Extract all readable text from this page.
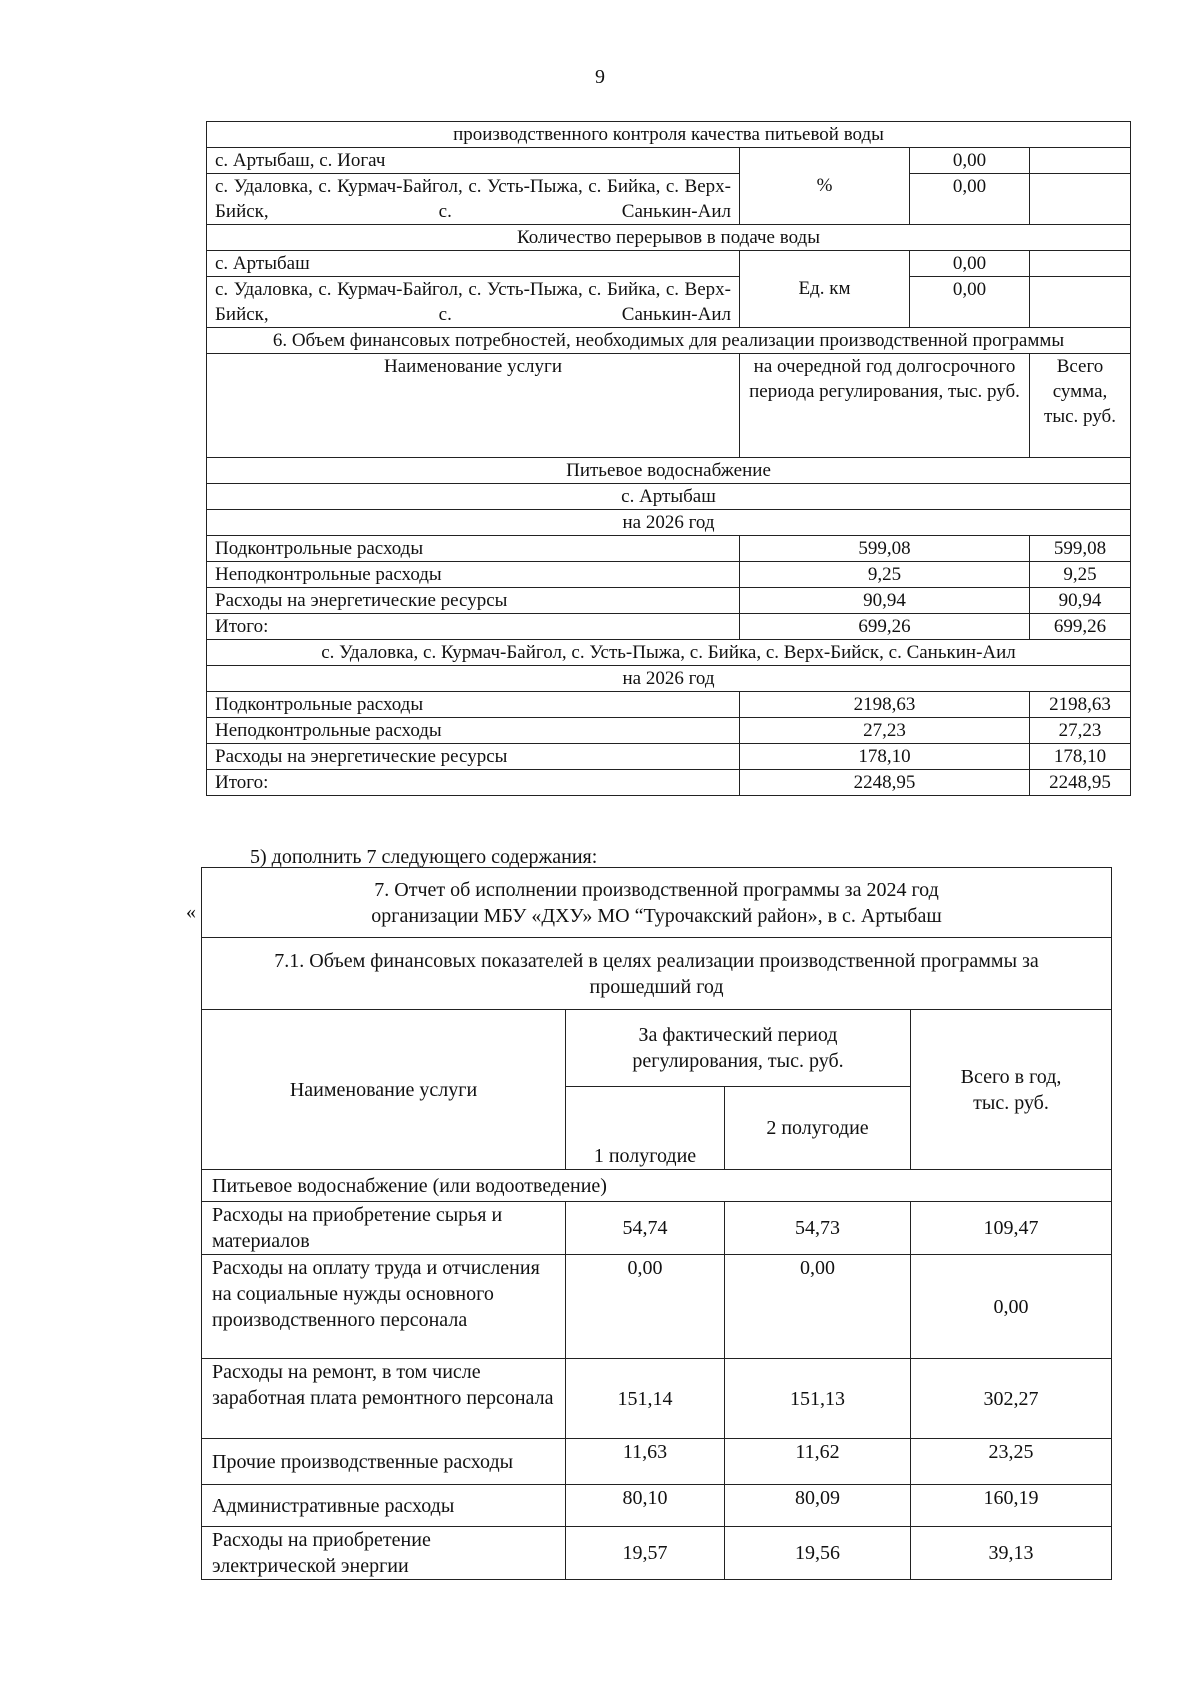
9
производственного контроля качества питьевой воды			
с. Артыбаш, с. Иогач	%	0,00	
с. Удаловка, с. Курмач-Байгол, с. Усть-Пыжа, с. Бийка, с. Верх-Бийск, с. Санькин-Аил		0,00	
Количество перерывов в подаче воды			
с. Артыбаш	Ед. км	0,00	
с. Удаловка, с. Курмач-Байгол, с. Усть-Пыжа, с. Бийка, с. Верх-Бийск, с. Санькин-Аил		0,00	
6. Объем финансовых потребностей, необходимых для реализации производственной программы			
Наименование услуги	на очередной год долгосрочного периода регулирования, тыс. руб.		Всего сумма, тыс. руб.
Питьевое водоснабжение			
с. Артыбаш			
на 2026 год			
Подконтрольные расходы	599,08		599,08
Неподконтрольные расходы	9,25		9,25
Расходы на энергетические ресурсы	90,94		90,94
Итого:	699,26		699,26
с. Удаловка, с. Курмач-Байгол, с. Усть-Пыжа, с. Бийка, с. Верх-Бийск, с. Санькин-Аил			
на 2026 год			
Подконтрольные расходы	2198,63		2198,63
Неподконтрольные расходы	27,23		27,23
Расходы на энергетические ресурсы	178,10		178,10
Итого:	2248,95		2248,95
5) дополнить 7 следующего содержания:
«
7. Отчет об исполнении производственной программы за 2024 год
организации МБУ «ДХУ» МО “Турочакский район», в с. Артыбаш			

7.1. Объем финансовых показателей в целях реализации производственной программы за прошедший год			
Наименование услуги	За фактический период регулирования, тыс. руб.		Всего в год, тыс. руб.
	1 полугодие	2 полугодие	
Питьевое водоснабжение (или водоотведение)			
Расходы на приобретение сырья и материалов	54,74	54,73	109,47
Расходы на оплату труда и отчисления на социальные нужды основного производственного персонала	0,00	0,00	0,00
Расходы на ремонт, в том числе заработная плата ремонтного персонала	151,14	151,13	302,27
Прочие производственные расходы	11,63	11,62	23,25
Административные расходы	80,10	80,09	160,19
Расходы на приобретение электрической энергии	19,57	19,56	39,13
